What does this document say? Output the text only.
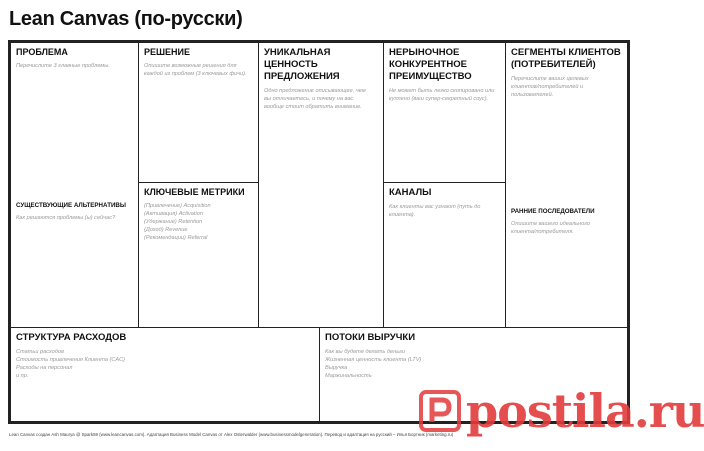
Lean Canvas (по-русски)
ПРОБЛЕМА
Перечислите 3 главные проблемы.
СУЩЕСТВУЮЩИЕ АЛЬТЕРНАТИВЫ
Как решаются проблемы (ы) сейчас?
РЕШЕНИЕ
Опишите возможные решения для
каждой из проблем (3 ключевых фичи).
КЛЮЧЕВЫЕ МЕТРИКИ
(Привлечение) Acquisition
(Активация) Activation
(Удержание) Retention
(Доход) Revenue
(Рекомендации) Referral
УНИКАЛЬНАЯ ЦЕННОСТЬ
ПРЕДЛОЖЕНИЯ
Одно предложение описывающее, чем
вы отличаетесь, и почему на вас
вообще стоит обратить внимание.
НЕРЫНОЧНОЕ
КОНКУРЕНТНОЕ
ПРЕИМУЩЕСТВО
Не может быть легко скопировано или
куплено (ваш супер-секретный соус).
КАНАЛЫ
Как клиенты вас узнают (путь до
клиента).
СЕГМЕНТЫ КЛИЕНТОВ
(ПОТРЕБИТЕЛЕЙ)
Перечислите ваших целевых
клиентов/потребителей и
пользователей.
РАННИЕ ПОСЛЕДОВАТЕЛИ
Опишите вашего идеального
клиента/потребителя.
СТРУКТУРА РАСХОДОВ
Статьи расходов
Стоимость привлечения Клиента (CAC)
Расходы на персонал
и пр.
ПОТОКИ ВЫРУЧКИ
Как вы будете делать деньги
Жизненная ценность клиента (LTV)
Выручка
Маржинальность
postila.ru
Lean Canvas создан Ash Maurya @ Spark59 (www.leancanvas.com). Адаптация Business Model Canvas от Alex Osterwalder (www.businessmodelgeneration). Перевод и адаптация на русский – Илья Бортник (marketing.ru)
